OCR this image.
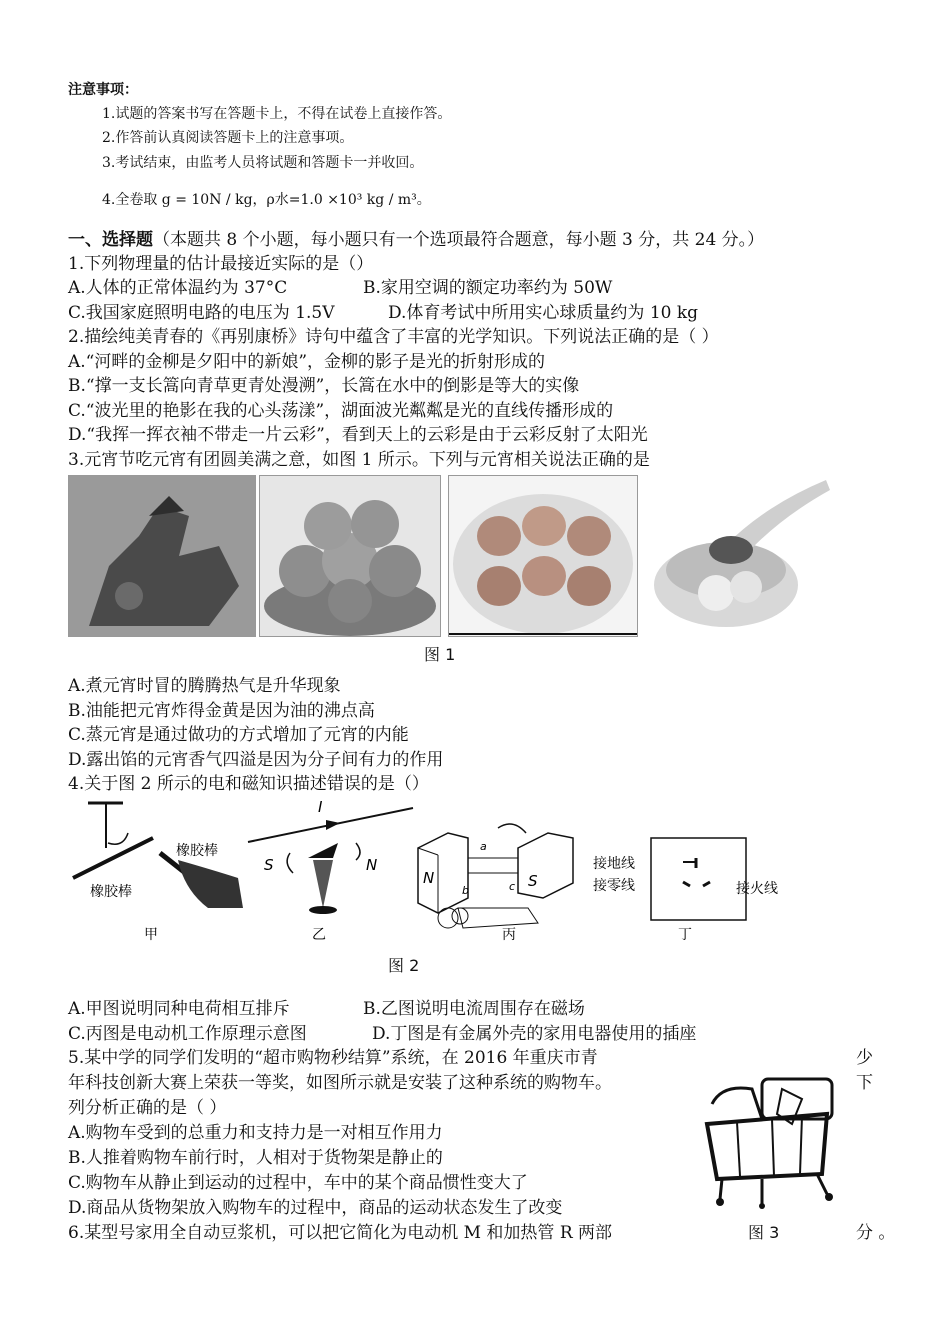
注意事项：
1.试题的答案书写在答题卡上，不得在试卷上直接作答。
2.作答前认真阅读答题卡上的注意事项。
3.考试结束，由监考人员将试题和答题卡一并收回。
4.全卷取 g = 10N / kg，ρ水=1.0 ×10³ kg / m³。
一、选择题（本题共 8 个小题，每小题只有一个选项最符合题意，每小题 3 分，共 24 分。）
1.下列物理量的估计最接近实际的是（）
A.人体的正常体温约为 37°C	B.家用空调的额定功率约为 50W
C.我国家庭照明电路的电压为 1.5V	D.体育考试中所用实心球质量约为 10 kg
2.描绘纯美青春的《再别康桥》诗句中蕴含了丰富的光学知识。下列说法正确的是（ ）
A.“河畔的金柳是夕阳中的新娘”，金柳的影子是光的折射形成的
B.“撑一支长篙向青草更青处漫溯”，长篙在水中的倒影是等大的实像
C.“波光里的艳影在我的心头荡漾”，湖面波光粼粼是光的直线传播形成的
D.“我挥一挥衣袖不带走一片云彩”，看到天上的云彩是由于云彩反射了太阳光
3.元宵节吃元宵有团圆美满之意，如图 1 所示。下列与元宵相关说法正确的是
图 1
A.煮元宵时冒的腾腾热气是升华现象
B.油能把元宵炸得金黄是因为油的沸点高
C.蒸元宵是通过做功的方式增加了元宵的内能
D.露出馅的元宵香气四溢是因为分子间有力的作用
4.关于图 2 所示的电和磁知识描述错误的是（）
橡胶棒
橡胶棒
甲
I
S	N
乙
N	S
a
b	c
丙
接地线
接零线	接火线
丁
图 2
A.甲图说明同种电荷相互排斥	B.乙图说明电流周围存在磁场
C.丙图是电动机工作原理示意图	D.丁图是有金属外壳的家用电器使用的插座
5.某中学的同学们发明的“超市购物秒结算”系统，在 2016 年重庆市青	少
年科技创新大赛上荣获一等奖，如图所示就是安装了这种系统的购物车。	下
列分析正确的是（ ）
A.购物车受到的总重力和支持力是一对相互作用力
B.人推着购物车前行时，人相对于货物架是静止的
C.购物车从静止到运动的过程中，车中的某个商品惯性变大了
D.商品从货物架放入购物车的过程中，商品的运动状态发生了改变
图 3
6.某型号家用全自动豆浆机，可以把它简化为电动机 M 和加热管 R 两部	分 。
